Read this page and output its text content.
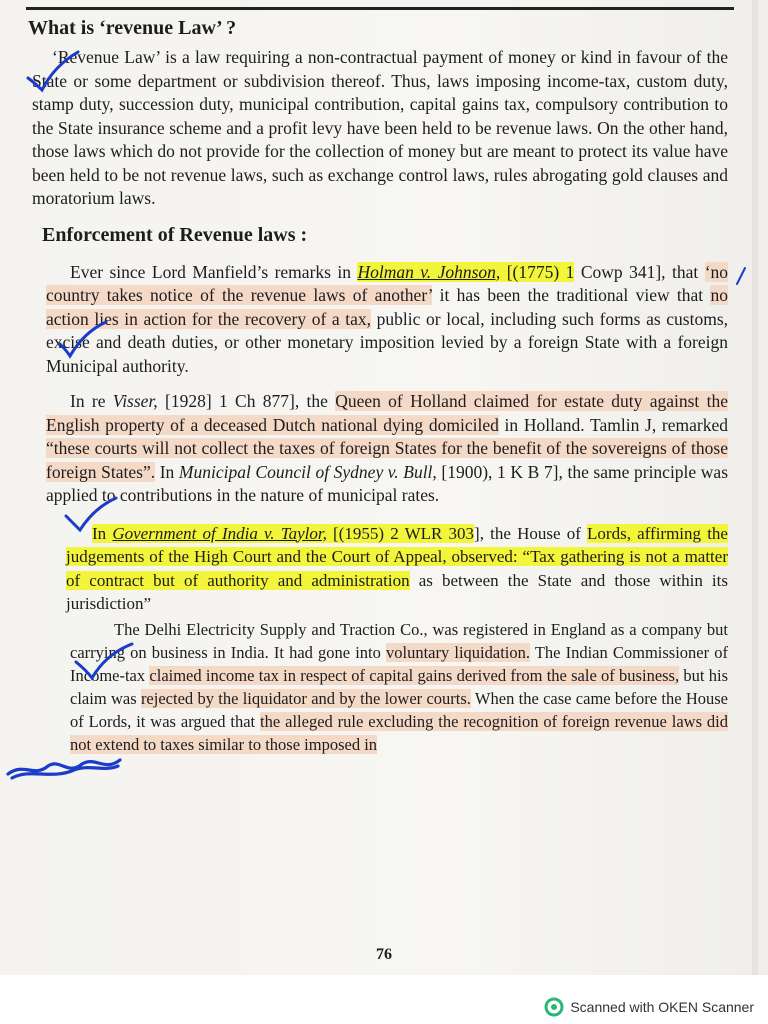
What is ‘revenue Law’ ?

‘Revenue Law’ is a law requiring a non-contractual payment of money or kind in favour of the State or some department or subdivision thereof. Thus, laws imposing income-tax, custom duty, stamp duty, succession duty, municipal contribution, capital gains tax, compulsory contribution to the State insurance scheme and a profit levy have been held to be revenue laws. On the other hand, those laws which do not provide for the collection of money but are meant to protect its value have been held to be not revenue laws, such as exchange control laws, rules abrogating gold clauses and moratorium laws.

Enforcement of Revenue laws :

Ever since Lord Manfield’s remarks in Holman v. Johnson, [(1775) 1 Cowp 341], that ‘no country takes notice of the revenue laws of another’ it has been the traditional view that no action lies in action for the recovery of a tax, public or local, including such forms as customs, excise and death duties, or other monetary imposition levied by a foreign State with a foreign Municipal authority.

In re Visser, [1928] 1 Ch 877], the Queen of Holland claimed for estate duty against the English property of a deceased Dutch national dying domiciled in Holland. Tamlin J, remarked “these courts will not collect the taxes of foreign States for the benefit of the sovereigns of those foreign States”. In Municipal Council of Sydney v. Bull, [1900), 1 K B 7], the same principle was applied to contributions in the nature of municipal rates.

In Government of India v. Taylor, [(1955) 2 WLR 303], the House of Lords, affirming the judgements of the High Court and the Court of Appeal, observed: “Tax gathering is not a matter of contract but of authority and administration as between the State and those within its jurisdiction”

The Delhi Electricity Supply and Traction Co., was registered in England as a company but carrying on business in India. It had gone into voluntary liquidation. The Indian Commissioner of Income-tax claimed income tax in respect of capital gains derived from the sale of business, but his claim was rejected by the liquidator and by the lower courts. When the case came before the House of Lords, it was argued that the alleged rule excluding the recognition of foreign revenue laws did not extend to taxes similar to those imposed in

76
Scanned with OKEN Scanner
